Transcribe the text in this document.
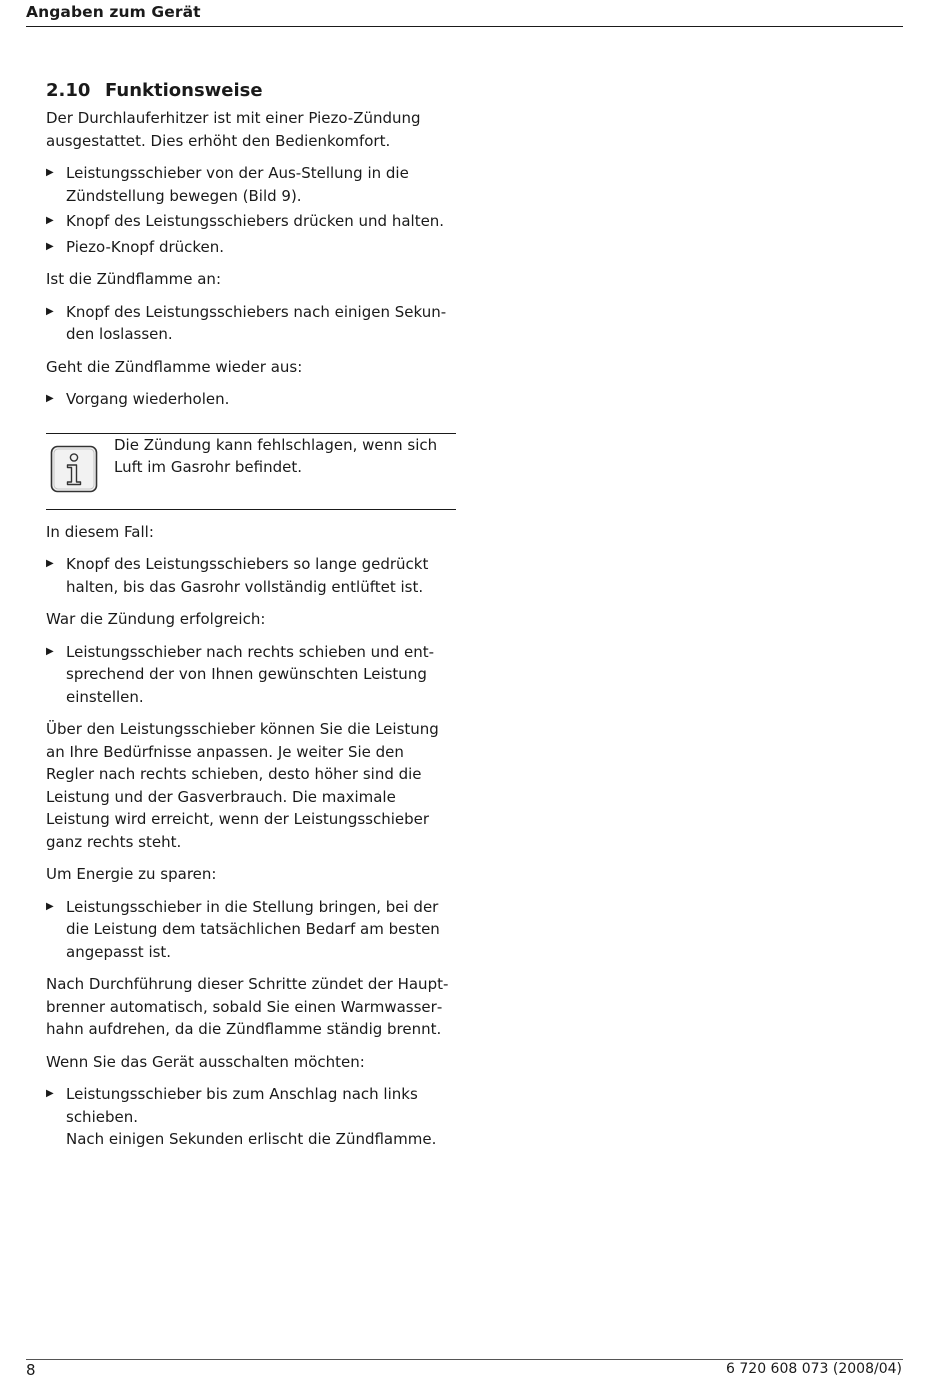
Angaben zum Gerät
2.10 Funktionsweise

Der Durchlauferhitzer ist mit einer Piezo-Zündung ausgestattet. Dies erhöht den Bedienkomfort.

▶ Leistungsschieber von der Aus-Stellung in die Zündstellung bewegen (Bild 9).
▶ Knopf des Leistungsschiebers drücken und halten.
▶ Piezo-Knopf drücken.

Ist die Zündflamme an:

▶ Knopf des Leistungsschiebers nach einigen Sekunden loslassen.

Geht die Zündflamme wieder aus:

▶ Vorgang wiederholen.
Die Zündung kann fehlschlagen, wenn sich Luft im Gasrohr befindet.

In diesem Fall:

▶ Knopf des Leistungsschiebers so lange gedrückt halten, bis das Gasrohr vollständig entlüftet ist.

War die Zündung erfolgreich:

▶ Leistungsschieber nach rechts schieben und entsprechend der von Ihnen gewünschten Leistung einstellen.

Über den Leistungsschieber können Sie die Leistung an Ihre Bedürfnisse anpassen. Je weiter Sie den Regler nach rechts schieben, desto höher sind die Leistung und der Gasverbrauch. Die maximale Leistung wird erreicht, wenn der Leistungsschieber ganz rechts steht.

Um Energie zu sparen:

▶ Leistungsschieber in die Stellung bringen, bei der die Leistung dem tatsächlichen Bedarf am besten angepasst ist.

Nach Durchführung dieser Schritte zündet der Hauptbrenner automatisch, sobald Sie einen Warmwasserhahn aufdrehen, da die Zündflamme ständig brennt.

Wenn Sie das Gerät ausschalten möchten:

▶ Leistungsschieber bis zum Anschlag nach links schieben.
Nach einigen Sekunden erlischt die Zündflamme.
8	6 720 608 073 (2008/04)
